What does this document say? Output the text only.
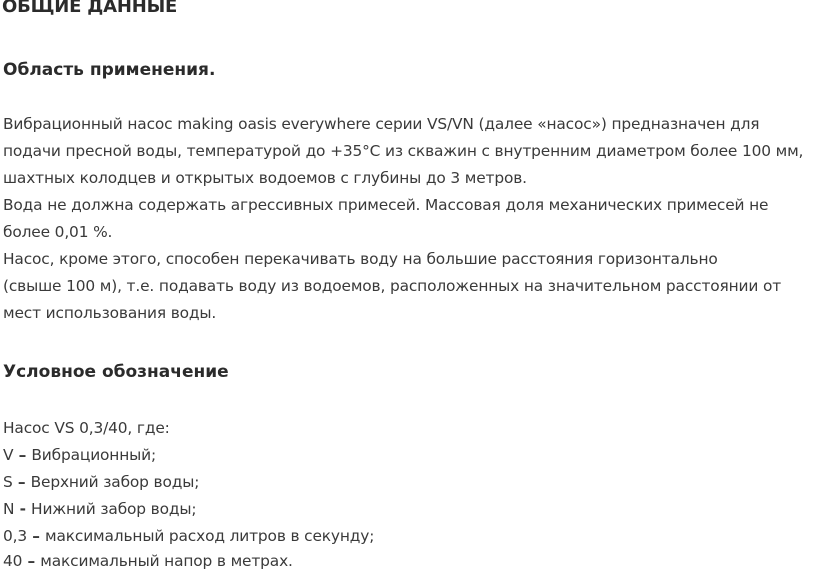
ОБЩИЕ ДАННЫЕ
Область применения.
Вибрационный насос making oasis everywhere серии VS/VN (далее «насос») предназначен для
подачи пресной воды, температурой до +35°С из скважин с внутренним диаметром более 100 мм,
шахтных колодцев и открытых водоемов с глубины до 3 метров.
Вода не должна содержать агрессивных примесей. Массовая доля механических примесей не
более 0,01 %.
Насос, кроме этого, способен перекачивать воду на большие расстояния горизонтально
(свыше 100 м), т.е. подавать воду из водоемов, расположенных на значительном расстоянии от
мест использования воды.
Условное обозначение
Насос VS 0,3/40, где:
V – Вибрационный;
S – Верхний забор воды;
N - Нижний забор воды;
0,3 – максимальный расход литров в секунду;
40 – максимальный напор в метрах.
